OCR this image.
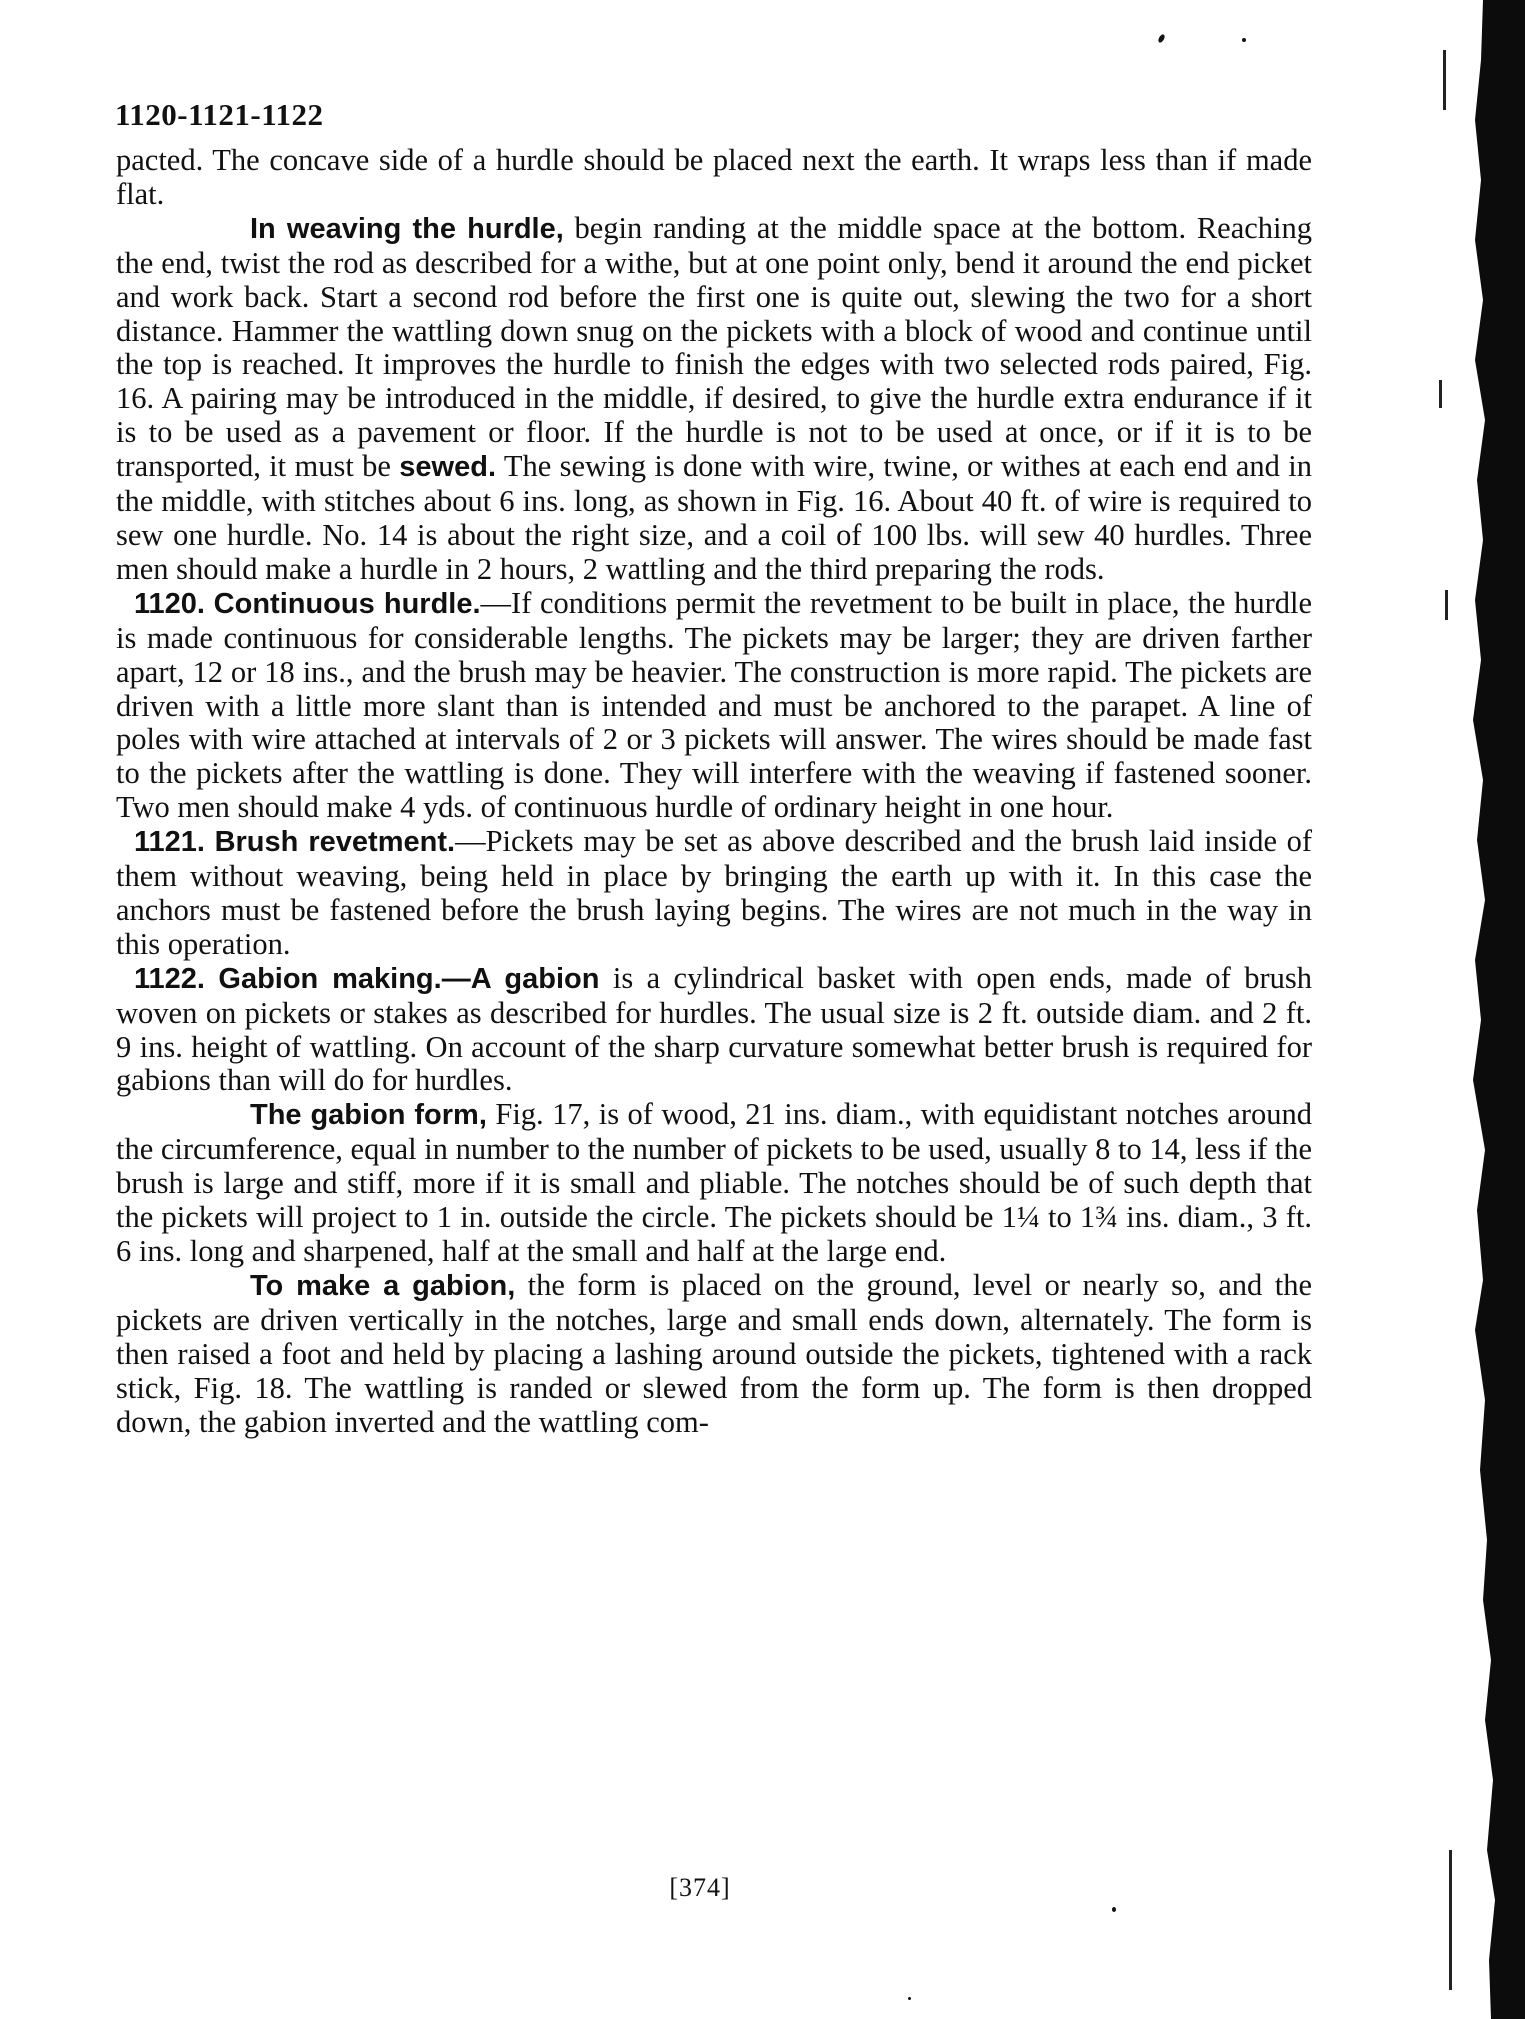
1120-1121-1122

pacted. The concave side of a hurdle should be placed next the earth. It wraps less than if made flat.

In weaving the hurdle, begin randing at the middle space at the bottom. Reaching the end, twist the rod as described for a withe, but at one point only, bend it around the end picket and work back. Start a second rod before the first one is quite out, slewing the two for a short distance. Hammer the wattling down snug on the pickets with a block of wood and continue until the top is reached. It improves the hurdle to finish the edges with two selected rods paired, Fig. 16. A pairing may be introduced in the middle, if desired, to give the hurdle extra endurance if it is to be used as a pavement or floor. If the hurdle is not to be used at once, or if it is to be transported, it must be sewed. The sewing is done with wire, twine, or withes at each end and in the middle, with stitches about 6 ins. long, as shown in Fig. 16. About 40 ft. of wire is required to sew one hurdle. No. 14 is about the right size, and a coil of 100 lbs. will sew 40 hurdles. Three men should make a hurdle in 2 hours, 2 wattling and the third preparing the rods.

1120. Continuous hurdle.—If conditions permit the revetment to be built in place, the hurdle is made continuous for considerable lengths. The pickets may be larger; they are driven farther apart, 12 or 18 ins., and the brush may be heavier. The construction is more rapid. The pickets are driven with a little more slant than is intended and must be anchored to the parapet. A line of poles with wire attached at intervals of 2 or 3 pickets will answer. The wires should be made fast to the pickets after the wattling is done. They will interfere with the weaving if fastened sooner. Two men should make 4 yds. of continuous hurdle of ordinary height in one hour.

1121. Brush revetment.—Pickets may be set as above described and the brush laid inside of them without weaving, being held in place by bringing the earth up with it. In this case the anchors must be fastened before the brush laying begins. The wires are not much in the way in this operation.

1122. Gabion making.—A gabion is a cylindrical basket with open ends, made of brush woven on pickets or stakes as described for hurdles. The usual size is 2 ft. outside diam. and 2 ft. 9 ins. height of wattling. On account of the sharp curvature somewhat better brush is required for gabions than will do for hurdles.

The gabion form, Fig. 17, is of wood, 21 ins. diam., with equidistant notches around the circumference, equal in number to the number of pickets to be used, usually 8 to 14, less if the brush is large and stiff, more if it is small and pliable. The notches should be of such depth that the pickets will project to 1 in. outside the circle. The pickets should be 1¼ to 1¾ ins. diam., 3 ft. 6 ins. long and sharpened, half at the small and half at the large end.

To make a gabion, the form is placed on the ground, level or nearly so, and the pickets are driven vertically in the notches, large and small ends down, alternately. The form is then raised a foot and held by placing a lashing around outside the pickets, tightened with a rack stick, Fig. 18. The wattling is randed or slewed from the form up. The form is then dropped down, the gabion inverted and the wattling com-

[374]
